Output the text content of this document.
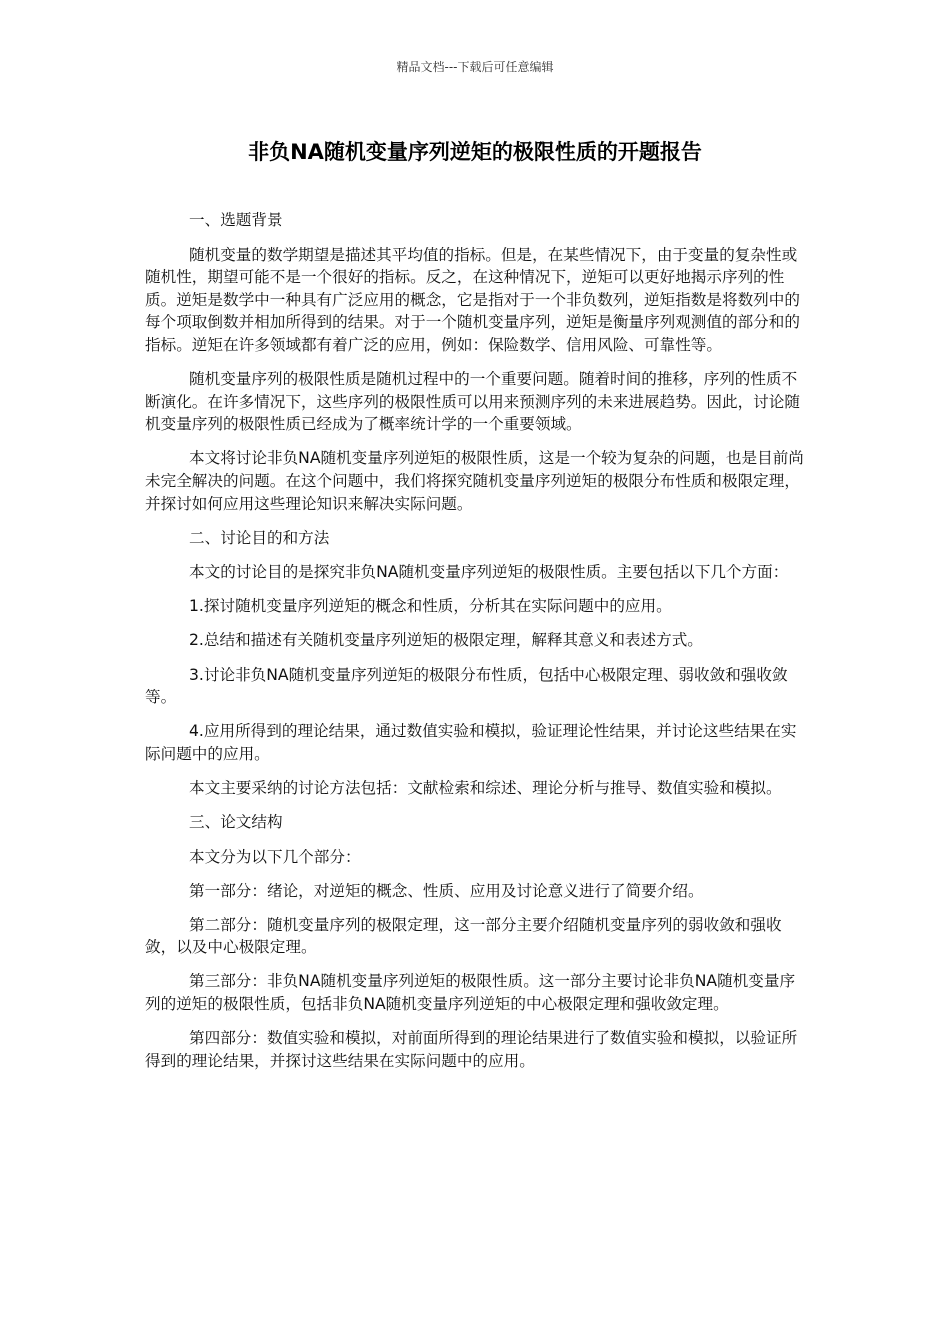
精品文档---下载后可任意编辑
非负NA随机变量序列逆矩的极限性质的开题报告

一、选题背景

随机变量的数学期望是描述其平均值的指标。但是，在某些情况下，由于变量的复杂性或随机性，期望可能不是一个很好的指标。反之，在这种情况下，逆矩可以更好地揭示序列的性质。逆矩是数学中一种具有广泛应用的概念，它是指对于一个非负数列，逆矩指数是将数列中的每个项取倒数并相加所得到的结果。对于一个随机变量序列，逆矩是衡量序列观测值的部分和的指标。逆矩在许多领域都有着广泛的应用，例如：保险数学、信用风险、可靠性等。

随机变量序列的极限性质是随机过程中的一个重要问题。随着时间的推移，序列的性质不断演化。在许多情况下，这些序列的极限性质可以用来预测序列的未来进展趋势。因此，讨论随机变量序列的极限性质已经成为了概率统计学的一个重要领域。

本文将讨论非负NA随机变量序列逆矩的极限性质，这是一个较为复杂的问题，也是目前尚未完全解决的问题。在这个问题中，我们将探究随机变量序列逆矩的极限分布性质和极限定理，并探讨如何应用这些理论知识来解决实际问题。

二、讨论目的和方法

本文的讨论目的是探究非负NA随机变量序列逆矩的极限性质。主要包括以下几个方面：

1.探讨随机变量序列逆矩的概念和性质，分析其在实际问题中的应用。

2.总结和描述有关随机变量序列逆矩的极限定理，解释其意义和表述方式。

3.讨论非负NA随机变量序列逆矩的极限分布性质，包括中心极限定理、弱收敛和强收敛等。

4.应用所得到的理论结果，通过数值实验和模拟，验证理论性结果，并讨论这些结果在实际问题中的应用。

本文主要采纳的讨论方法包括：文献检索和综述、理论分析与推导、数值实验和模拟。

三、论文结构

本文分为以下几个部分：

第一部分：绪论，对逆矩的概念、性质、应用及讨论意义进行了简要介绍。

第二部分：随机变量序列的极限定理，这一部分主要介绍随机变量序列的弱收敛和强收敛，以及中心极限定理。

第三部分：非负NA随机变量序列逆矩的极限性质。这一部分主要讨论非负NA随机变量序列的逆矩的极限性质，包括非负NA随机变量序列逆矩的中心极限定理和强收敛定理。

第四部分：数值实验和模拟，对前面所得到的理论结果进行了数值实验和模拟，以验证所得到的理论结果，并探讨这些结果在实际问题中的应用。
